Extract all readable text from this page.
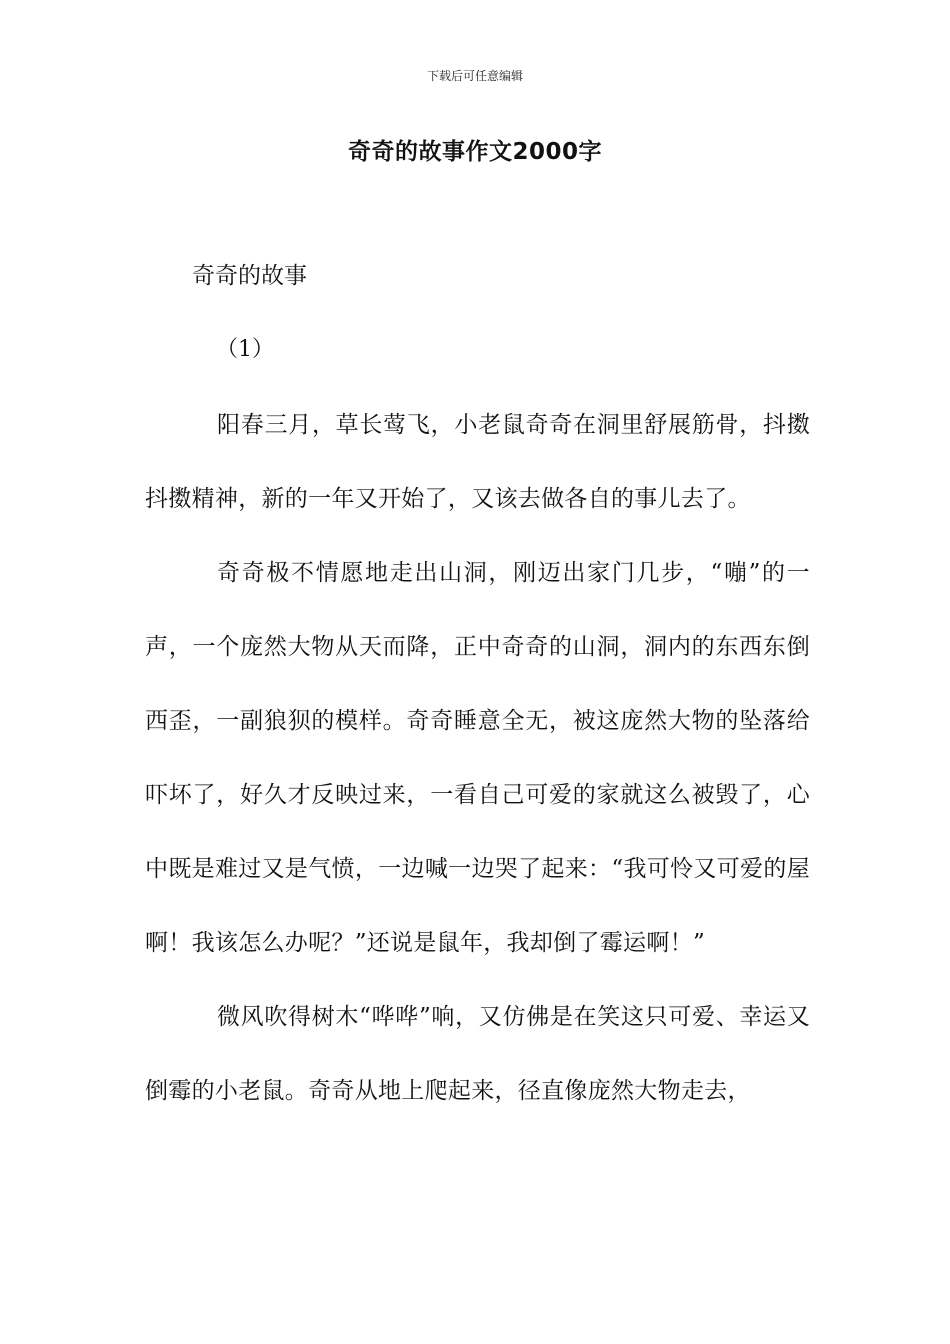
下载后可任意编辑
奇奇的故事作文2000字
奇奇的故事
（1）

阳春三月，草长莺飞，小老鼠奇奇在洞里舒展筋骨，抖擞抖擞精神，新的一年又开始了，又该去做各自的事儿去了。

奇奇极不情愿地走出山洞，刚迈出家门几步，“嘣”的一声，一个庞然大物从天而降，正中奇奇的山洞，洞内的东西东倒西歪，一副狼狈的模样。奇奇睡意全无，被这庞然大物的坠落给吓坏了，好久才反映过来，一看自己可爱的家就这么被毁了，心中既是难过又是气愤，一边喊一边哭了起来：“我可怜又可爱的屋啊！我该怎么办呢？”还说是鼠年，我却倒了霉运啊！”

微风吹得树木“哗哗”响，又仿佛是在笑这只可爱、幸运又倒霉的小老鼠。奇奇从地上爬起来，径直像庞然大物走去，
